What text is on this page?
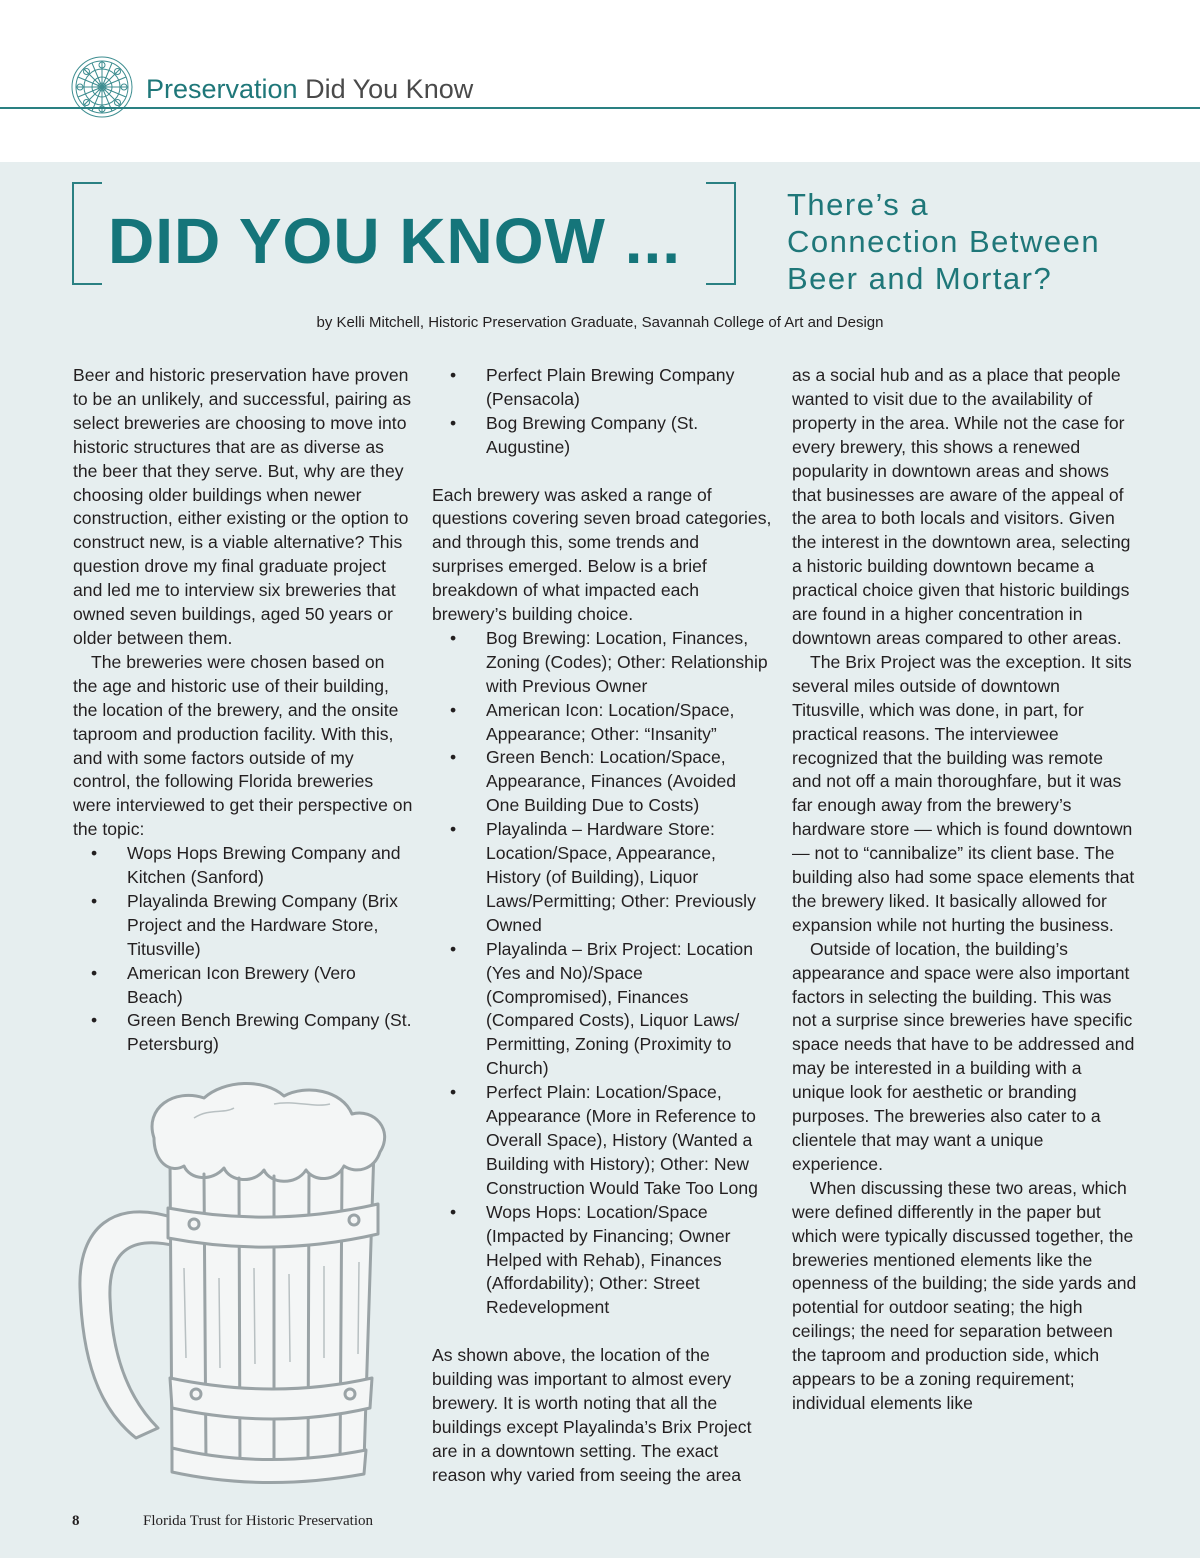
Preservation Did You Know
DID YOU KNOW ...
There’s a
Connection Between
Beer and Mortar?
by Kelli Mitchell, Historic Preservation Graduate, Savannah College of Art and Design

Beer and historic preservation have proven to be an unlikely, and successful, pairing as select breweries are choosing to move into historic structures that are as diverse as the beer that they serve. But, why are they choosing older buildings when newer construction, either existing or the option to construct new, is a viable alternative? This question drove my final graduate project and led me to interview six breweries that owned seven buildings, aged 50 years or older between them.

The breweries were chosen based on the age and historic use of their building, the location of the brewery, and the onsite taproom and production facility. With this, and with some factors outside of my control, the following Florida breweries were interviewed to get their perspective on the topic:

• Wops Hops Brewing Company and Kitchen (Sanford)
• Playalinda Brewing Company (Brix Project and the Hardware Store, Titusville)
• American Icon Brewery (Vero Beach)
• Green Bench Brewing Company (St. Petersburg)
• Perfect Plain Brewing Company (Pensacola)
• Bog Brewing Company (St. Augustine)

Each brewery was asked a range of questions covering seven broad categories, and through this, some trends and surprises emerged. Below is a brief breakdown of what impacted each brewery’s building choice.

• Bog Brewing: Location, Finances, Zoning (Codes); Other: Relationship with Previous Owner
• American Icon: Location/Space, Appearance; Other: “Insanity”
• Green Bench: Location/Space, Appearance, Finances (Avoided One Building Due to Costs)
• Playalinda – Hardware Store: Location/Space, Appearance, History (of Building), Liquor Laws/Permitting; Other: Previously Owned
• Playalinda – Brix Project: Location (Yes and No)/Space (Compromised), Finances (Compared Costs), Liquor Laws/ Permitting, Zoning (Proximity to Church)
• Perfect Plain: Location/Space, Appearance (More in Reference to Overall Space), History (Wanted a Building with History); Other: New Construction Would Take Too Long
• Wops Hops: Location/Space (Impacted by Financing; Owner Helped with Rehab), Finances (Affordability); Other: Street Redevelopment

As shown above, the location of the building was important to almost every brewery. It is worth noting that all the buildings except Playalinda’s Brix Project are in a downtown setting. The exact reason why varied from seeing the area

as a social hub and as a place that people wanted to visit due to the availability of property in the area. While not the case for every brewery, this shows a renewed popularity in downtown areas and shows that businesses are aware of the appeal of the area to both locals and visitors. Given the interest in the downtown area, selecting a historic building downtown became a practical choice given that historic buildings are found in a higher concentration in downtown areas compared to other areas.

The Brix Project was the exception. It sits several miles outside of downtown Titusville, which was done, in part, for practical reasons. The interviewee recognized that the building was remote and not off a main thoroughfare, but it was far enough away from the brewery’s hardware store — which is found downtown — not to “cannibalize” its client base. The building also had some space elements that the brewery liked. It basically allowed for expansion while not hurting the business.

Outside of location, the building’s appearance and space were also important factors in selecting the building. This was not a surprise since breweries have specific space needs that have to be addressed and may be interested in a building with a unique look for aesthetic or branding purposes. The breweries also cater to a clientele that may want a unique experience.

When discussing these two areas, which were defined differently in the paper but which were typically discussed together, the breweries mentioned elements like the openness of the building; the side yards and potential for outdoor seating; the high ceilings; the need for separation between the taproom and production side, which appears to be a zoning requirement; individual elements like

8	Florida Trust for Historic Preservation
